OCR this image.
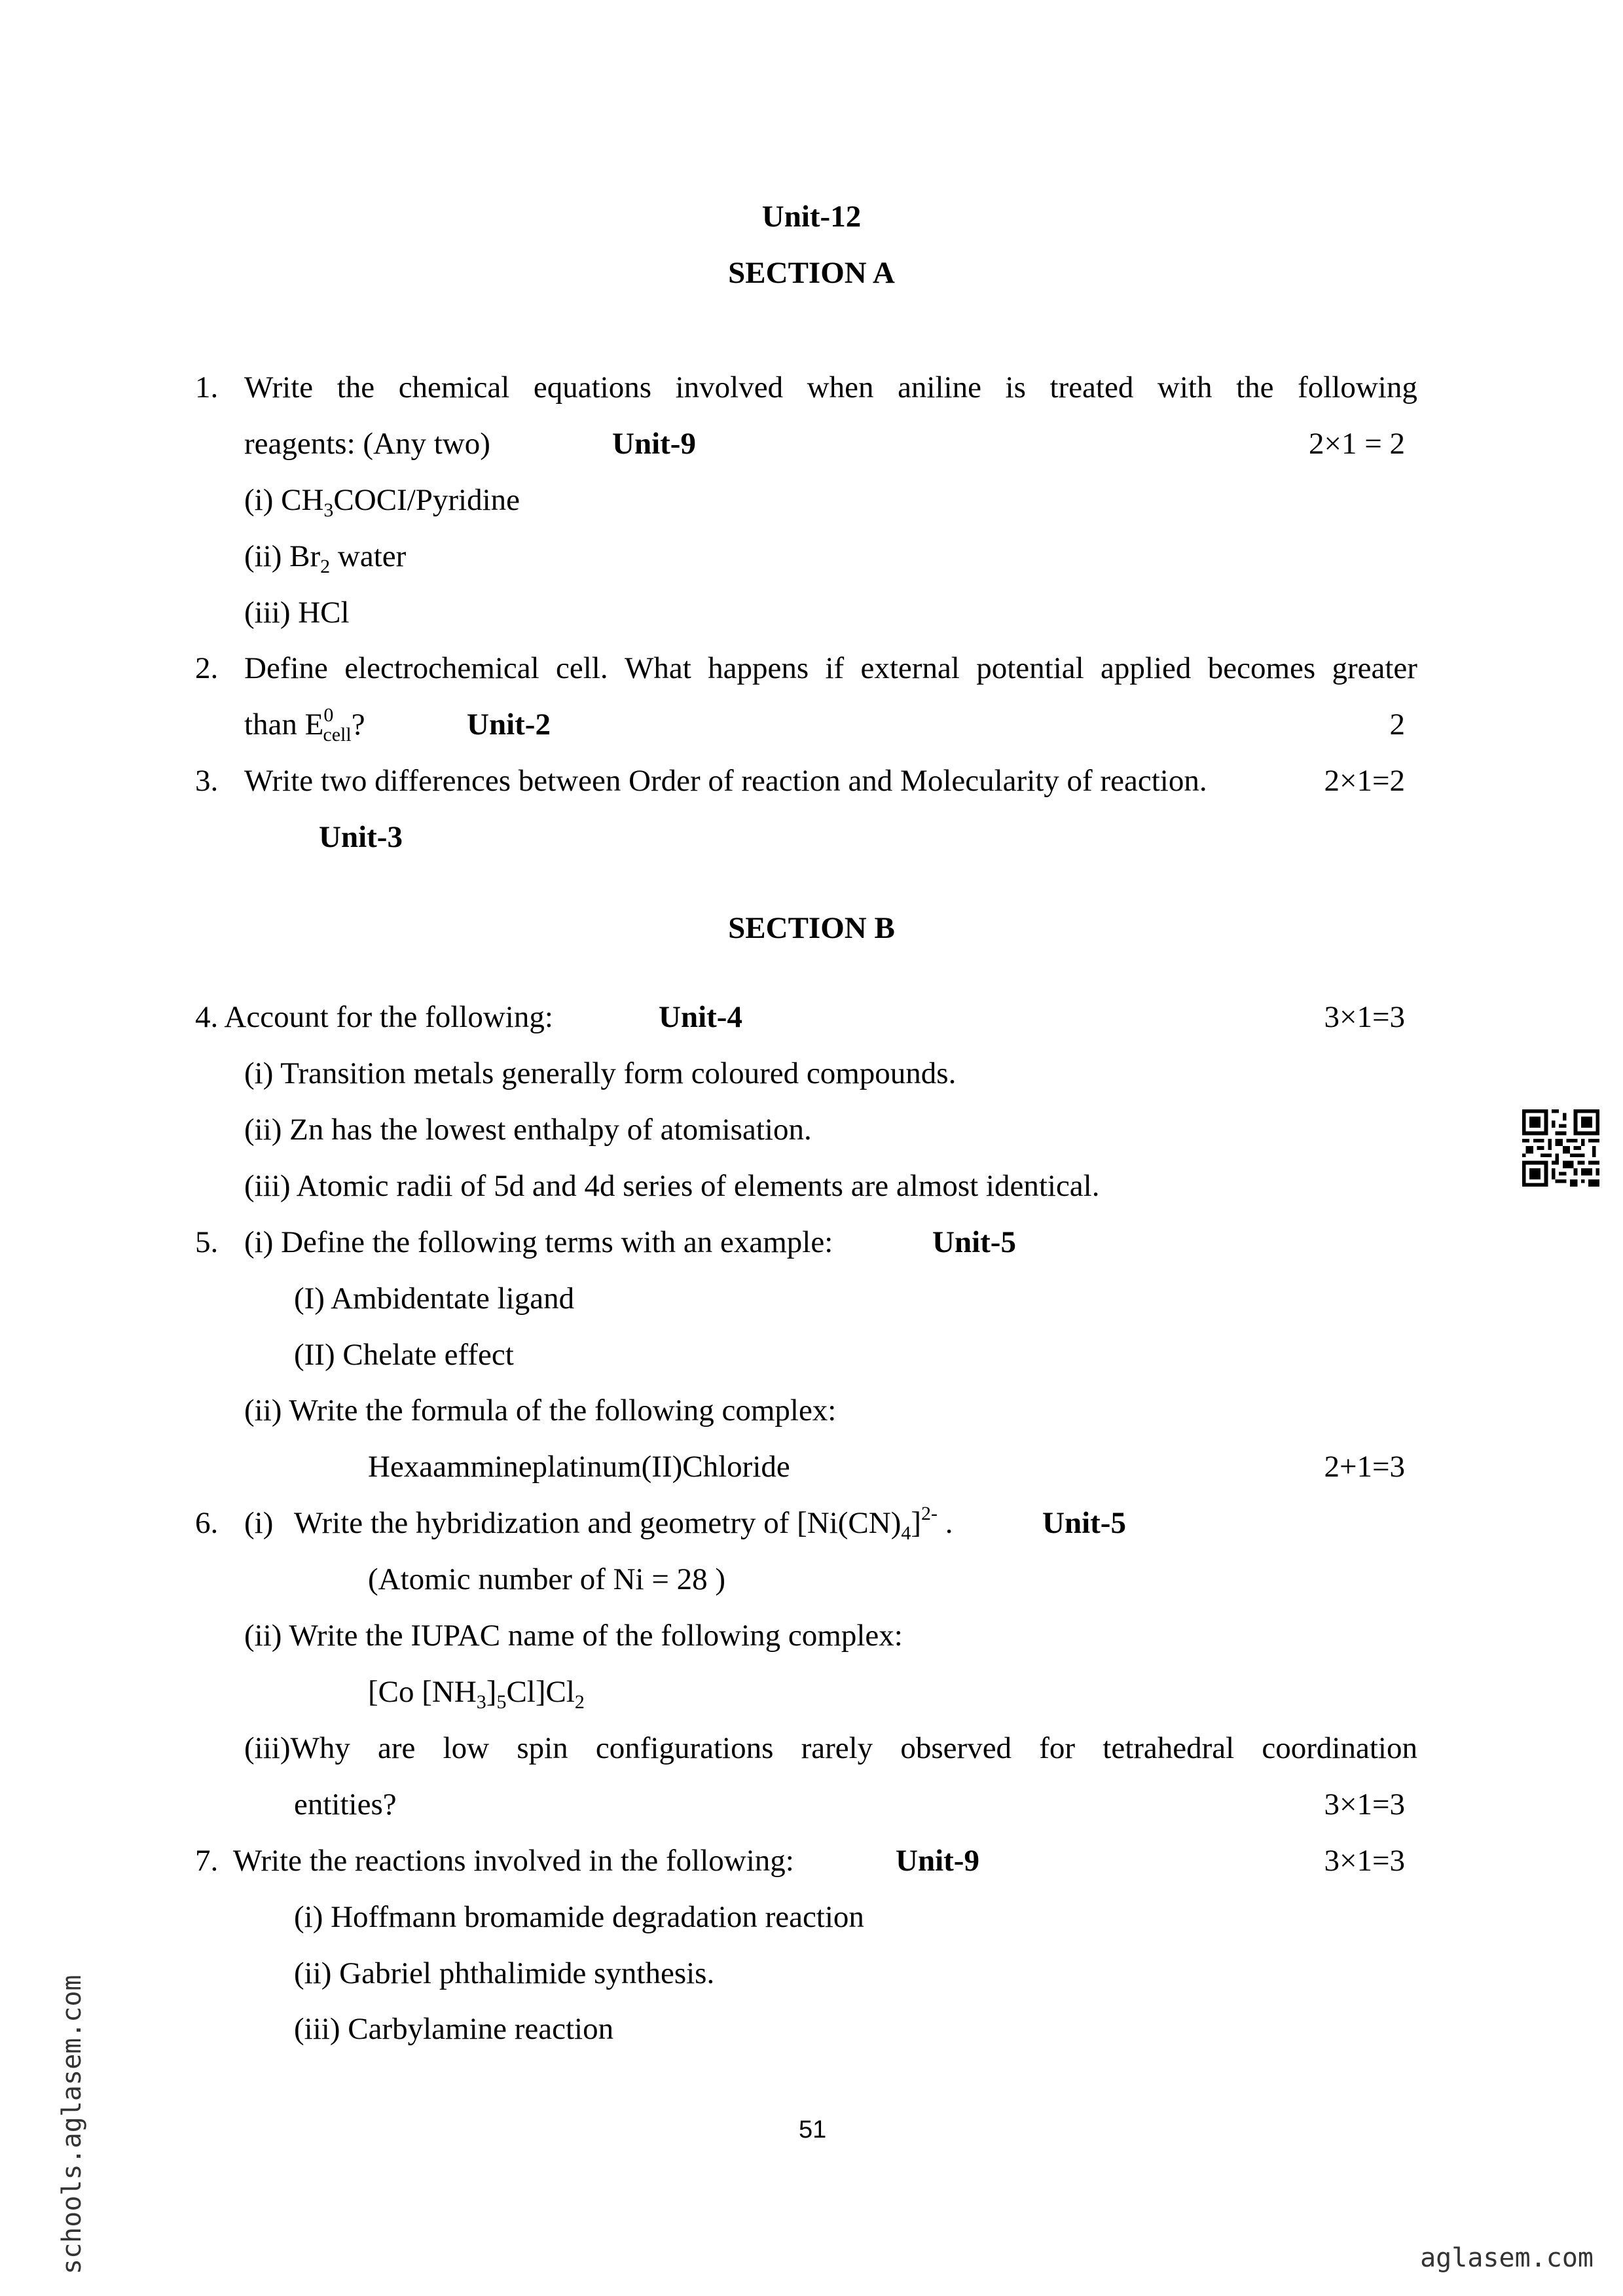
Unit-12
SECTION A
1. Write the chemical equations involved when aniline is treated with the following
reagents: (Any two)	Unit-9	2×1 = 2
(i) $CH_3COCI$/Pyridine
(ii) $Br_2$ water
(iii) HCl
2. Define electrochemical cell. What happens if external potential applied becomes greater
than $E^0_{cell}$?	Unit-2	2
3. Write two differences between Order of reaction and Molecularity of reaction.	2×1=2
Unit-3
SECTION B
4. Account for the following:	Unit-4	3×1=3
(i) Transition metals generally form coloured compounds.
(ii) Zn has the lowest enthalpy of atomisation.
(iii) Atomic radii of 5d and 4d series of elements are almost identical.
5. (i) Define the following terms with an example:	Unit-5
(I) Ambidentate ligand
(II) Chelate effect
(ii) Write the formula of the following complex:
Hexaammineplatinum(II)Chloride	2+1=3
6. (i) Write the hybridization and geometry of $[Ni(CN)_4]^{2-}$ .	Unit-5
(Atomic number of Ni = 28 )
(ii) Write the IUPAC name of the following complex:
[Co $[NH_3]_5Cl]Cl_2$
(iii)Why are low spin configurations rarely observed for tetrahedral coordination
entities?	3×1=3
7.  Write the reactions involved in the following:	Unit-9	3×1=3
(i) Hoffmann bromamide degradation reaction
(ii) Gabriel phthalimide synthesis.
(iii) Carbylamine reaction
51
schools.aglasem.com	aglasem.com
